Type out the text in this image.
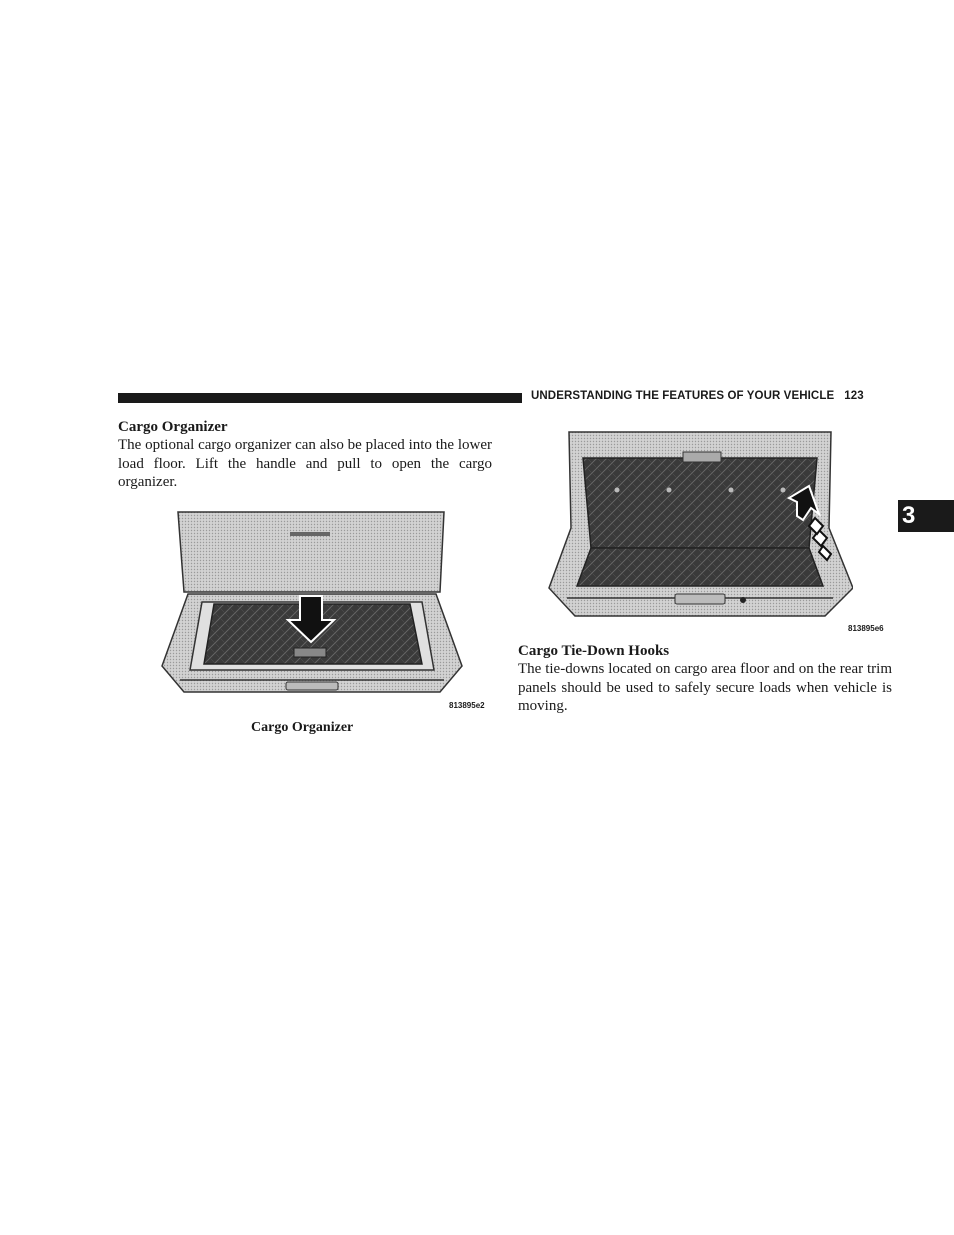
UNDERSTANDING THE FEATURES OF YOUR VEHICLE 123
3
Cargo Organizer

The optional cargo organizer can also be placed into the lower load floor. Lift the handle and pull to open the cargo organizer.

813895e2
Cargo Organizer
813895e6
Cargo Tie-Down Hooks

The tie-downs located on cargo area floor and on the rear trim panels should be used to safely secure loads when vehicle is moving.
